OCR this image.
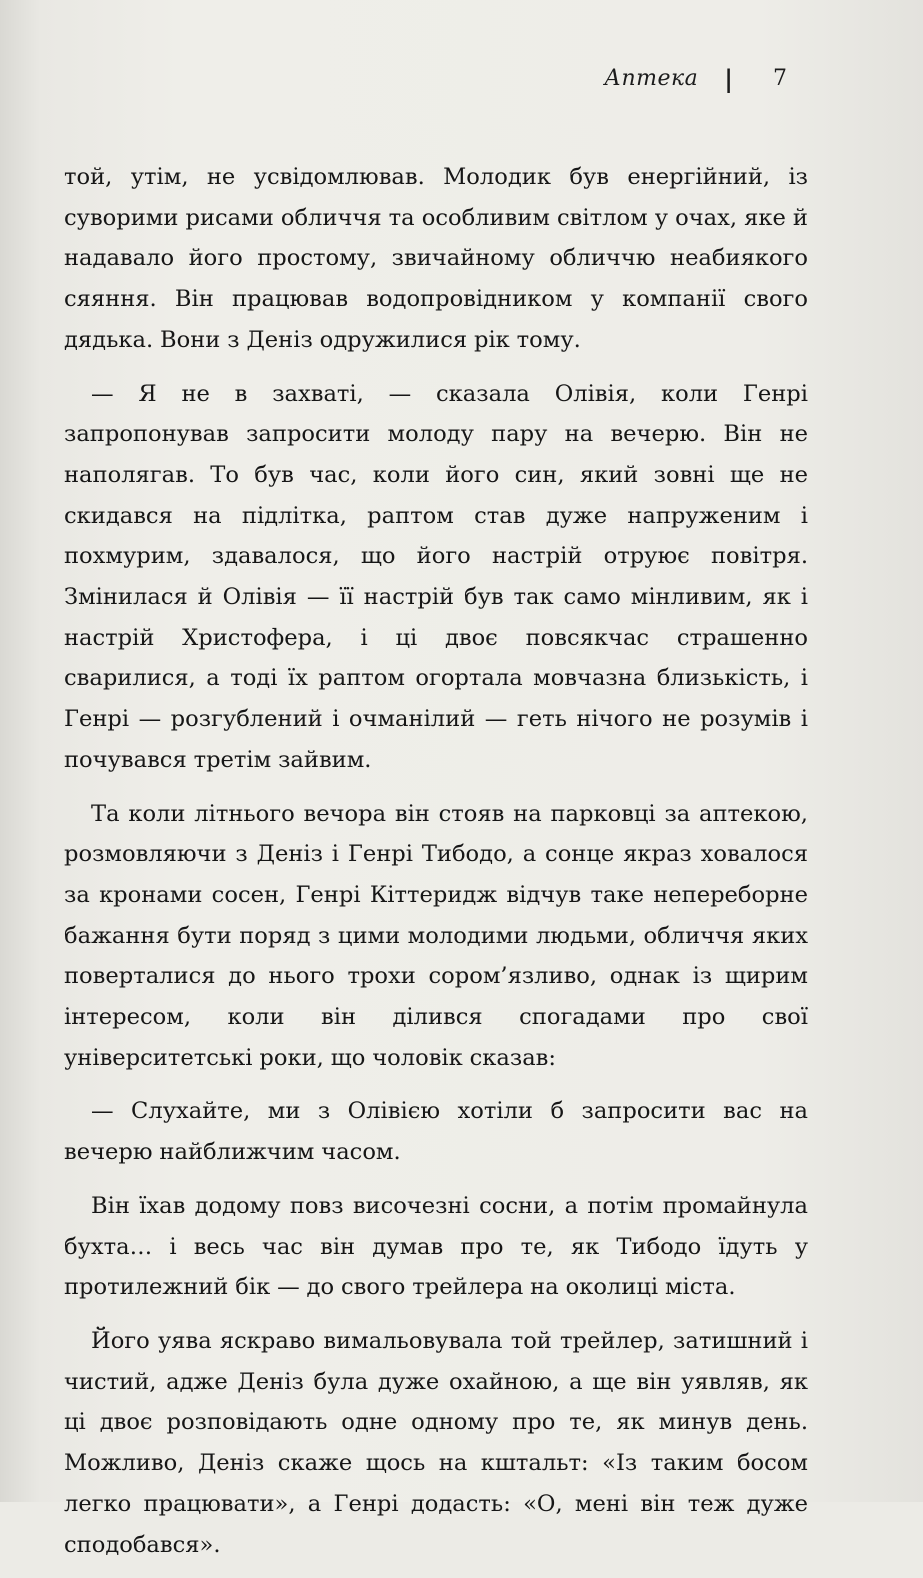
Аптека | 7

той, утім, не усвідомлював. Молодик був енергійний, із суворими рисами обличчя та особливим світлом у очах, яке й надавало його простому, звичайному обличчю неабиякого сяяння. Він працював водопровідником у компанії свого дядька. Вони з Деніз одружилися рік тому.

— Я не в захваті, — сказала Олівія, коли Генрі запропонував запросити молоду пару на вечерю. Він не наполягав. То був час, коли його син, який зовні ще не скидався на підлітка, раптом став дуже напруженим і похмурим, здавалося, що його настрій отруює повітря. Змінилася й Олівія — її настрій був так само мінливим, як і настрій Христофера, і ці двоє повсякчас страшенно сварилися, а тоді їх раптом огортала мовчазна близькість, і Генрі — розгублений і очманілий — геть нічого не розумів і почувався третім зайвим.

Та коли літнього вечора він стояв на парковці за аптекою, розмовляючи з Деніз і Генрі Тибодо, а сонце якраз ховалося за кронами сосен, Генрі Кіттеридж відчув таке непереборне бажання бути поряд з цими молодими людьми, обличчя яких поверталися до нього трохи сором’язливо, однак із щирим інтересом, коли він ділився спогадами про свої університетські роки, що чоловік сказав:

— Слухайте, ми з Олівією хотіли б запросити вас на вечерю найближчим часом.

Він їхав додому повз височезні сосни, а потім промайнула бухта… і весь час він думав про те, як Тибодо їдуть у протилежний бік — до свого трейлера на околиці міста.

Його уява яскраво вимальовувала той трейлер, затишний і чистий, адже Деніз була дуже охайною, а ще він уявляв, як ці двоє розповідають одне одному про те, як минув день. Можливо, Деніз скаже щось на кштальт: «Із таким босом легко працювати», а Генрі додасть: «О, мені він теж дуже сподобався».
